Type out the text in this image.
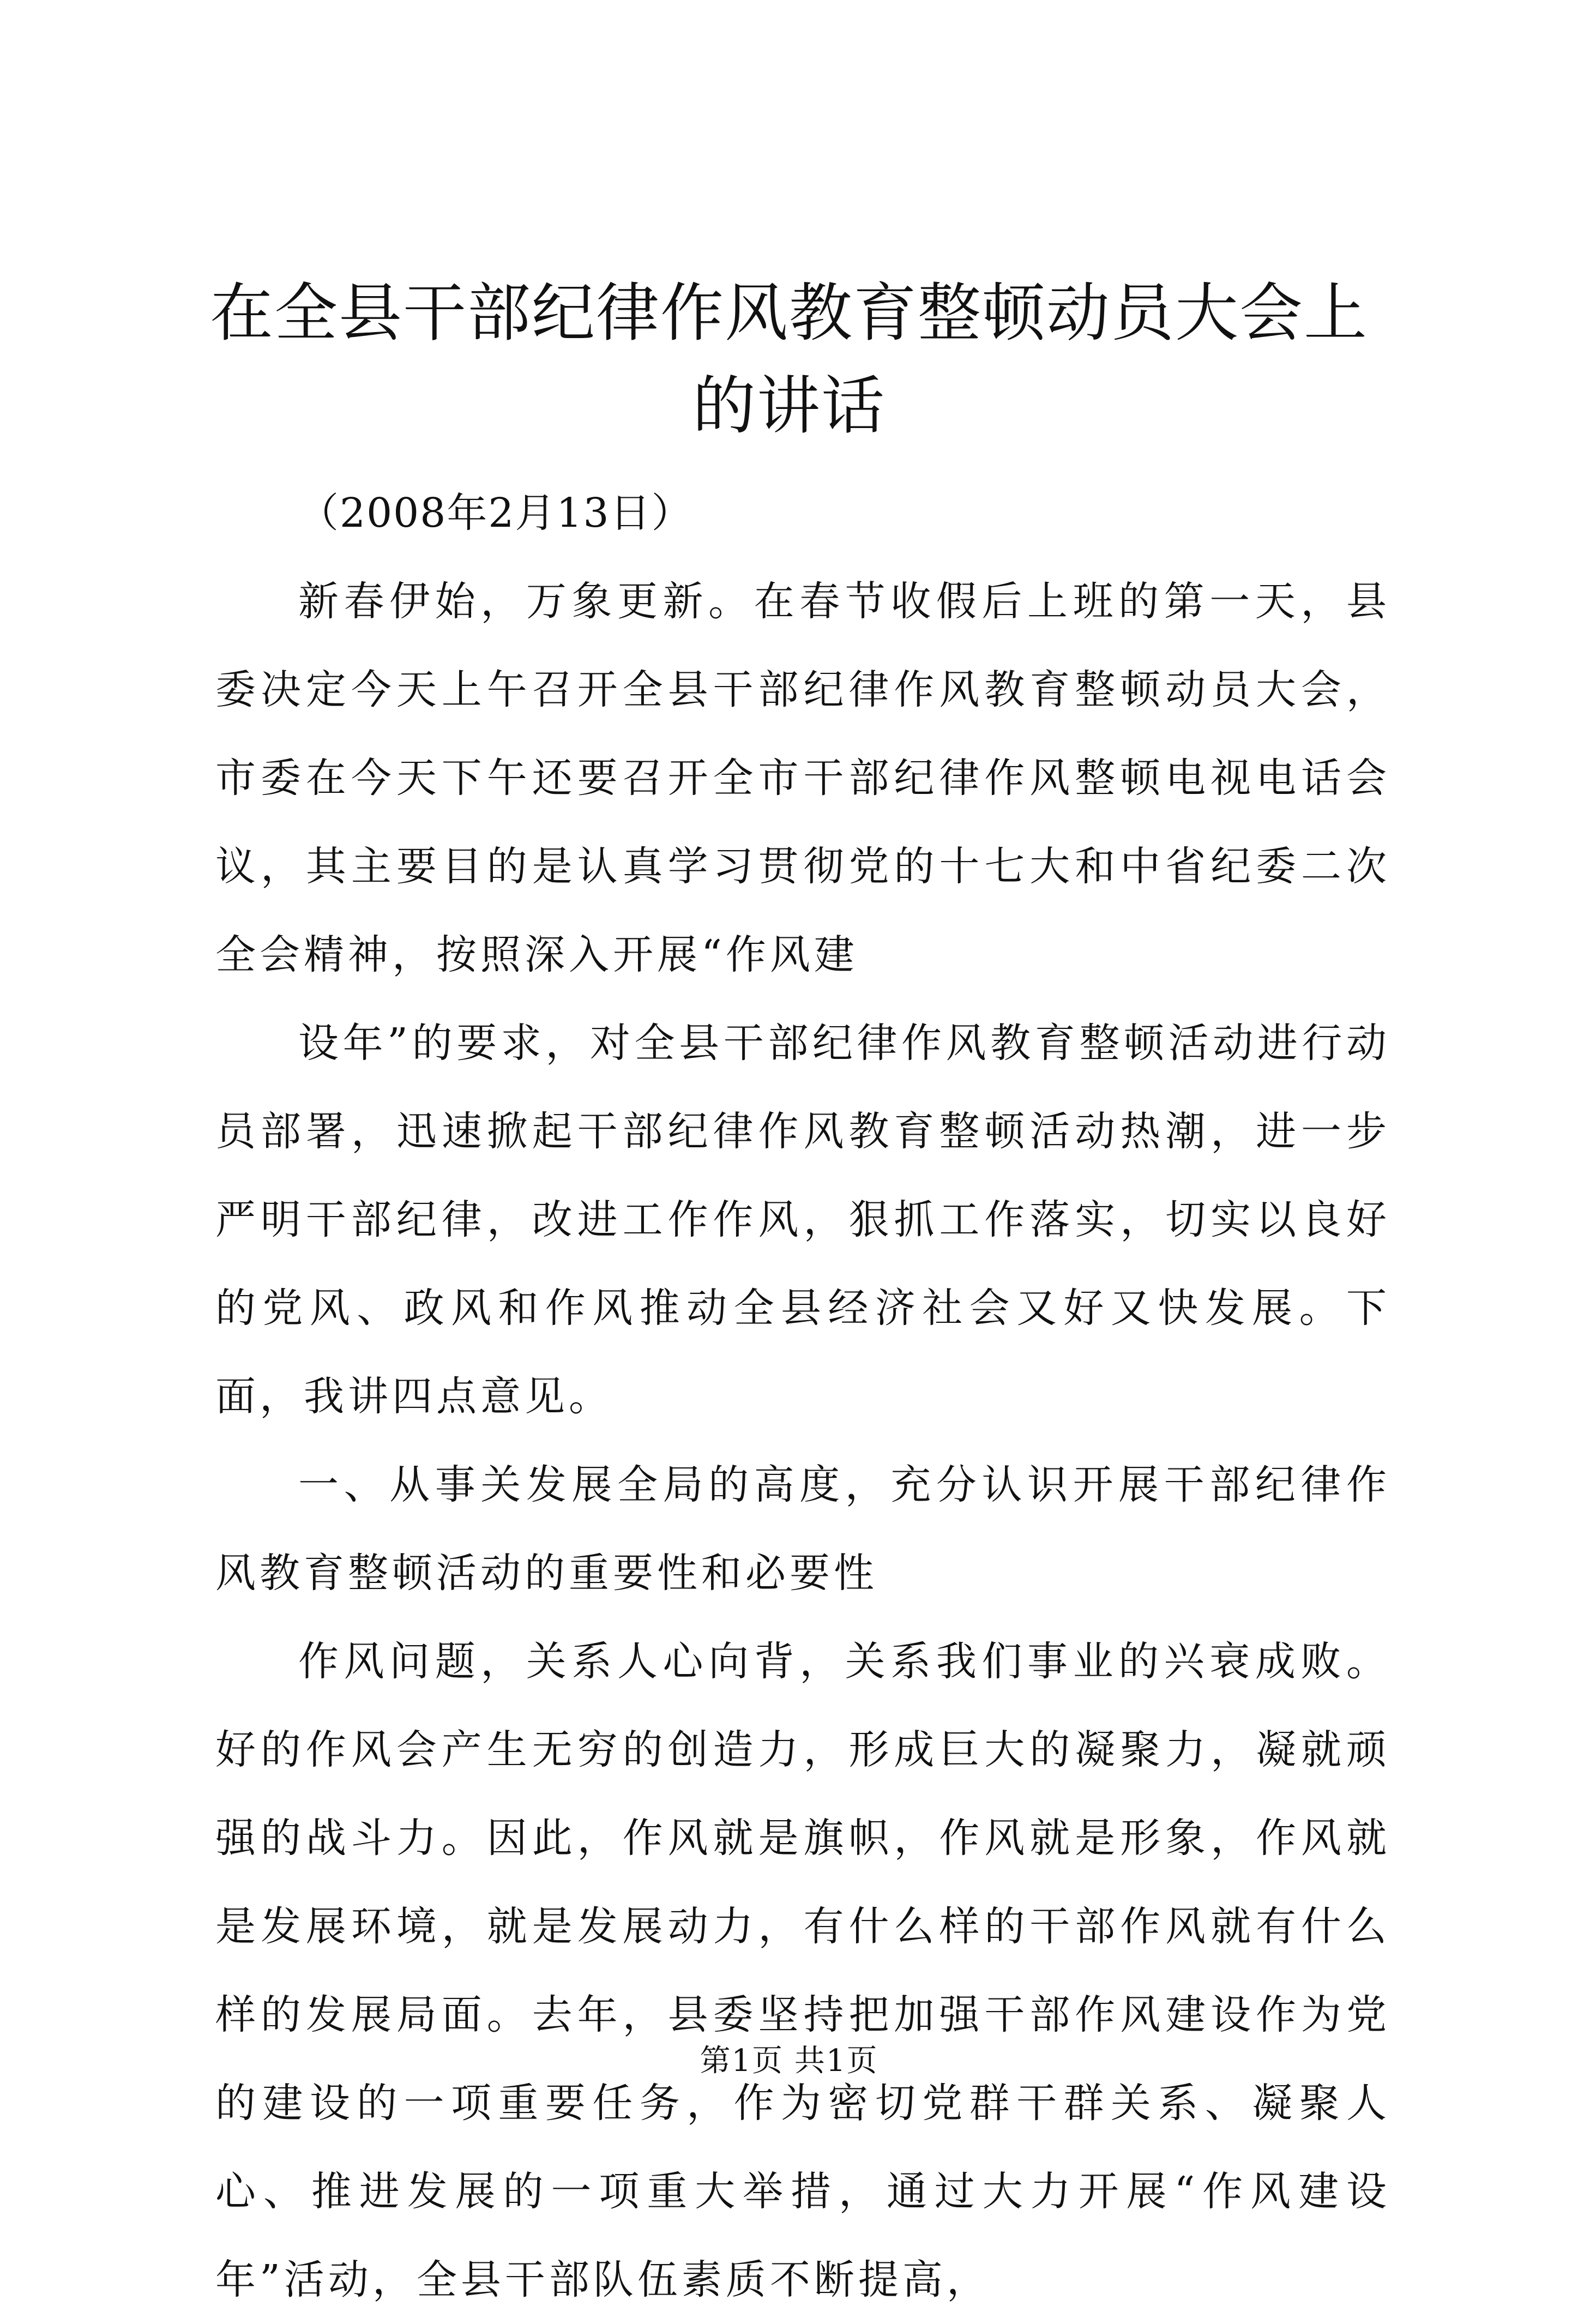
在全县干部纪律作风教育整顿动员大会上的讲话

（2008年2月13日）

新春伊始，万象更新。在春节收假后上班的第一天，县委决定今天上午召开全县干部纪律作风教育整顿动员大会，市委在今天下午还要召开全市干部纪律作风整顿电视电话会议，其主要目的是认真学习贯彻党的十七大和中省纪委二次全会精神，按照深入开展“作风建

设年”的要求，对全县干部纪律作风教育整顿活动进行动员部署，迅速掀起干部纪律作风教育整顿活动热潮，进一步严明干部纪律，改进工作作风，狠抓工作落实，切实以良好的党风、政风和作风推动全县经济社会又好又快发展。下面，我讲四点意见。

一、从事关发展全局的高度，充分认识开展干部纪律作风教育整顿活动的重要性和必要性

作风问题，关系人心向背，关系我们事业的兴衰成败。好的作风会产生无穷的创造力，形成巨大的凝聚力，凝就顽强的战斗力。因此，作风就是旗帜，作风就是形象，作风就是发展环境，就是发展动力，有什么样的干部作风就有什么样的发展局面。去年，县委坚持把加强干部作风建设作为党的建设的一项重要任务，作为密切党群干群关系、凝聚人心、推进发展的一项重大举措，通过大力开展“作风建设年”活动，全县干部队伍素质不断提高，

第1页 共1页
